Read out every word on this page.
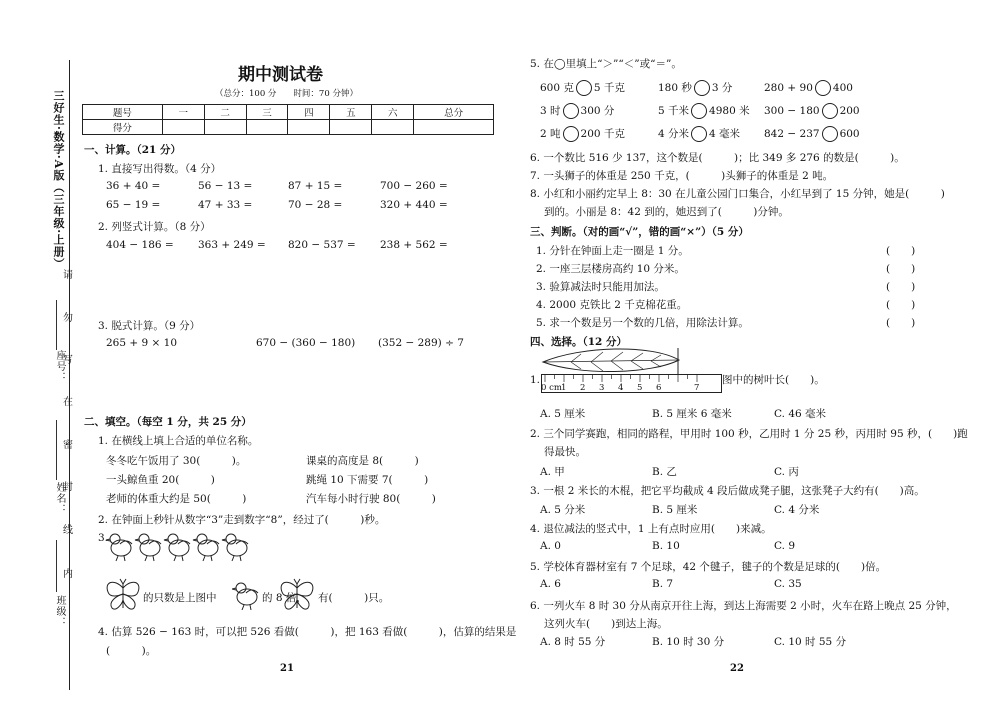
三好生·数学·A版（三年级·上册）
座号：
姓名：
班级：
请
勿
写
在
密
封
线
内
期中测试卷
（总分：100 分　　时间：70 分钟）
题号	一	二	三	四	五	六	总分
得分							
一、计算。（21 分）
1. 直接写出得数。（4 分）
36 + 40 =	56 − 13 =	87 + 15 =	700 − 260 =
65 − 19 =	47 + 33 =	70 − 28 =	320 + 440 =
2. 列竖式计算。（8 分）
404 − 186 = 363 + 249 = 820 − 537 = 238 + 562 =
3. 脱式计算。（9 分）
265 + 9 × 10	670 − (360 − 180) (352 − 289) ÷ 7
二、填空。（每空 1 分，共 25 分）
1. 在横线上填上合适的单位名称。
冬冬吃午饭用了 30(　　　)。	课桌的高度是 8(　　　)
一头鲸鱼重 20(　　　)	跳绳 10 下需要 7(　　　)
老师的体重大约是 50(　　　)	汽车每小时行驶 80(　　　)
2. 在钟面上秒针从数字“3”走到数字“8”，经过了(　　　)秒。
3.
的只数是上图中	的 8 倍， 有(　　　)只。
4. 估算 526 − 163 时，可以把 526 看做(　　　)，把 163 看做(　　　)，估算的结果是
(　　　)。
21
5. 在◯里填上“＞”“＜”或“＝”。
600 克 5 千克	180 秒 3 分	280 + 90 400
3 时 300 分	5 千米 4980 米 300 − 180 200
2 吨 200 千克	4 分米 4 毫米 842 − 237 600
6. 一个数比 516 少 137，这个数是(　　　)；比 349 多 276 的数是(　　　)。
7. 一头狮子的体重是 250 千克，(　　　)头狮子的体重是 2 吨。
8. 小红和小丽约定早上 8：30 在儿童公园门口集合，小红早到了 15 分钟，她是(　　　)
到的。小丽是 8：42 到的，她迟到了(　　　)分钟。
三、判断。（对的画“√”，错的画“×”）（5 分）
1. 分针在钟面上走一圈是 1 分。	(　　)
2. 一座三层楼房高约 10 分米。	(　　)
3. 验算减法时只能用加法。	(　　)
4. 2000 克铁比 2 千克棉花重。	(　　)
5. 求一个数是另一个数的几倍，用除法计算。	(　　)
四、选择。（12 分）
1.
0 cm 1 2 3 4 5 6	7
图中的树叶长(　　)。
A. 5 厘米	B. 5 厘米 6 毫米	C. 46 毫米
2. 三个同学赛跑，相同的路程，甲用时 100 秒，乙用时 1 分 25 秒，丙用时 95 秒，(　　)跑
得最快。
A. 甲	B. 乙	C. 丙
3. 一根 2 米长的木棍，把它平均截成 4 段后做成凳子腿，这张凳子大约有(　　)高。
A. 5 分米	B. 5 厘米	C. 4 分米
4. 退位减法的竖式中，1 上有点时应用(　　)来减。
A. 0	B. 10	C. 9
5. 学校体育器材室有 7 个足球，42 个毽子，毽子的个数是足球的(　　)倍。
A. 6	B. 7	C. 35
6. 一列火车 8 时 30 分从南京开往上海，到达上海需要 2 小时，火车在路上晚点 25 分钟，
这列火车(　　)到达上海。
A. 8 时 55 分	B. 10 时 30 分	C. 10 时 55 分
22
